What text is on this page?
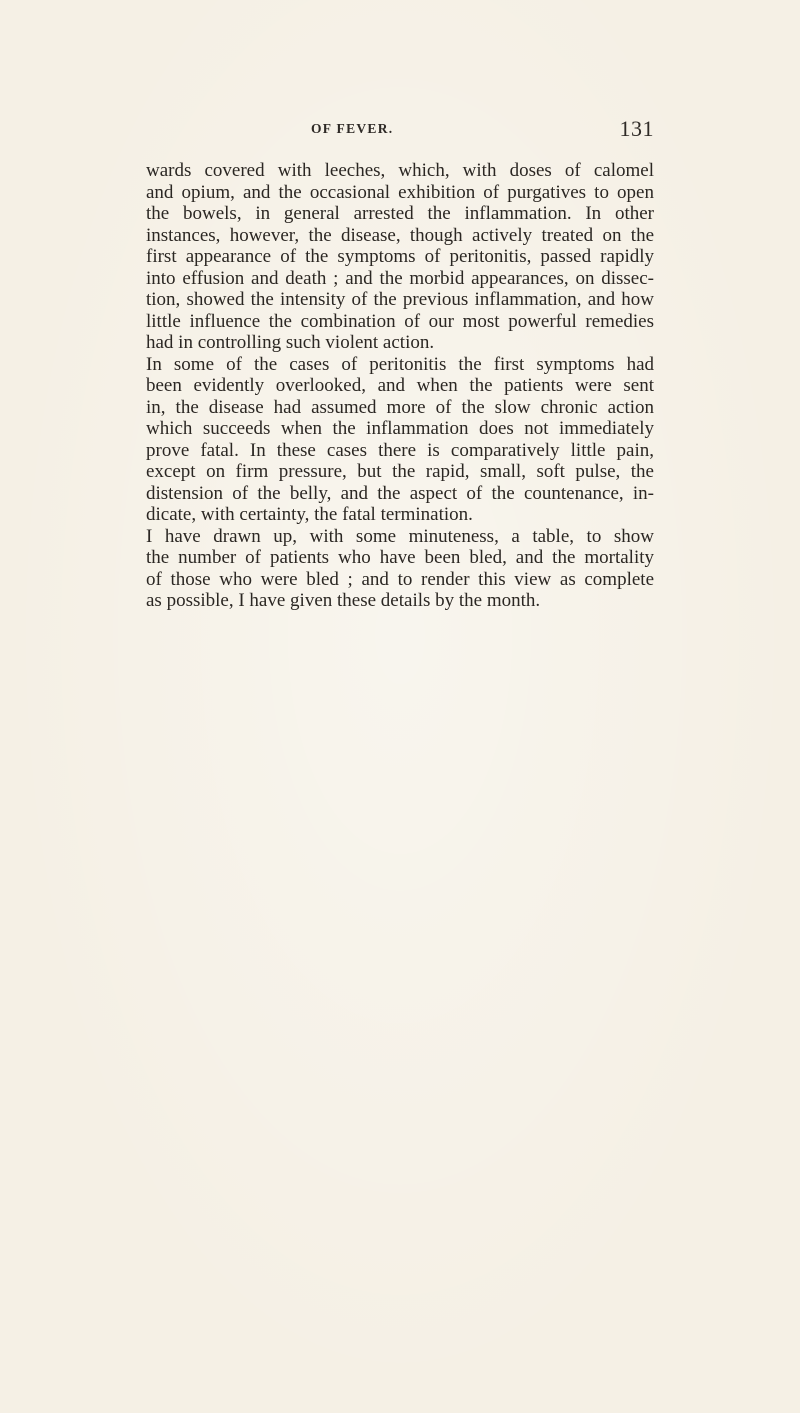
OF FEVER.	131
wards covered with leeches, which, with doses of calomel
and opium, and the occasional exhibition of purgatives to open
the bowels, in general arrested the inflammation. In other
instances, however, the disease, though actively treated on the
first appearance of the symptoms of peritonitis, passed rapidly
into effusion and death ; and the morbid appearances, on dissec-
tion, showed the intensity of the previous inflammation, and how
little influence the combination of our most powerful remedies
had in controlling such violent action.
In some of the cases of peritonitis the first symptoms had
been evidently overlooked, and when the patients were sent
in, the disease had assumed more of the slow chronic action
which succeeds when the inflammation does not immediately
prove fatal. In these cases there is comparatively little pain,
except on firm pressure, but the rapid, small, soft pulse, the
distension of the belly, and the aspect of the countenance, in-
dicate, with certainty, the fatal termination.
I have drawn up, with some minuteness, a table, to show
the number of patients who have been bled, and the mortality
of those who were bled ; and to render this view as complete
as possible, I have given these details by the month.
